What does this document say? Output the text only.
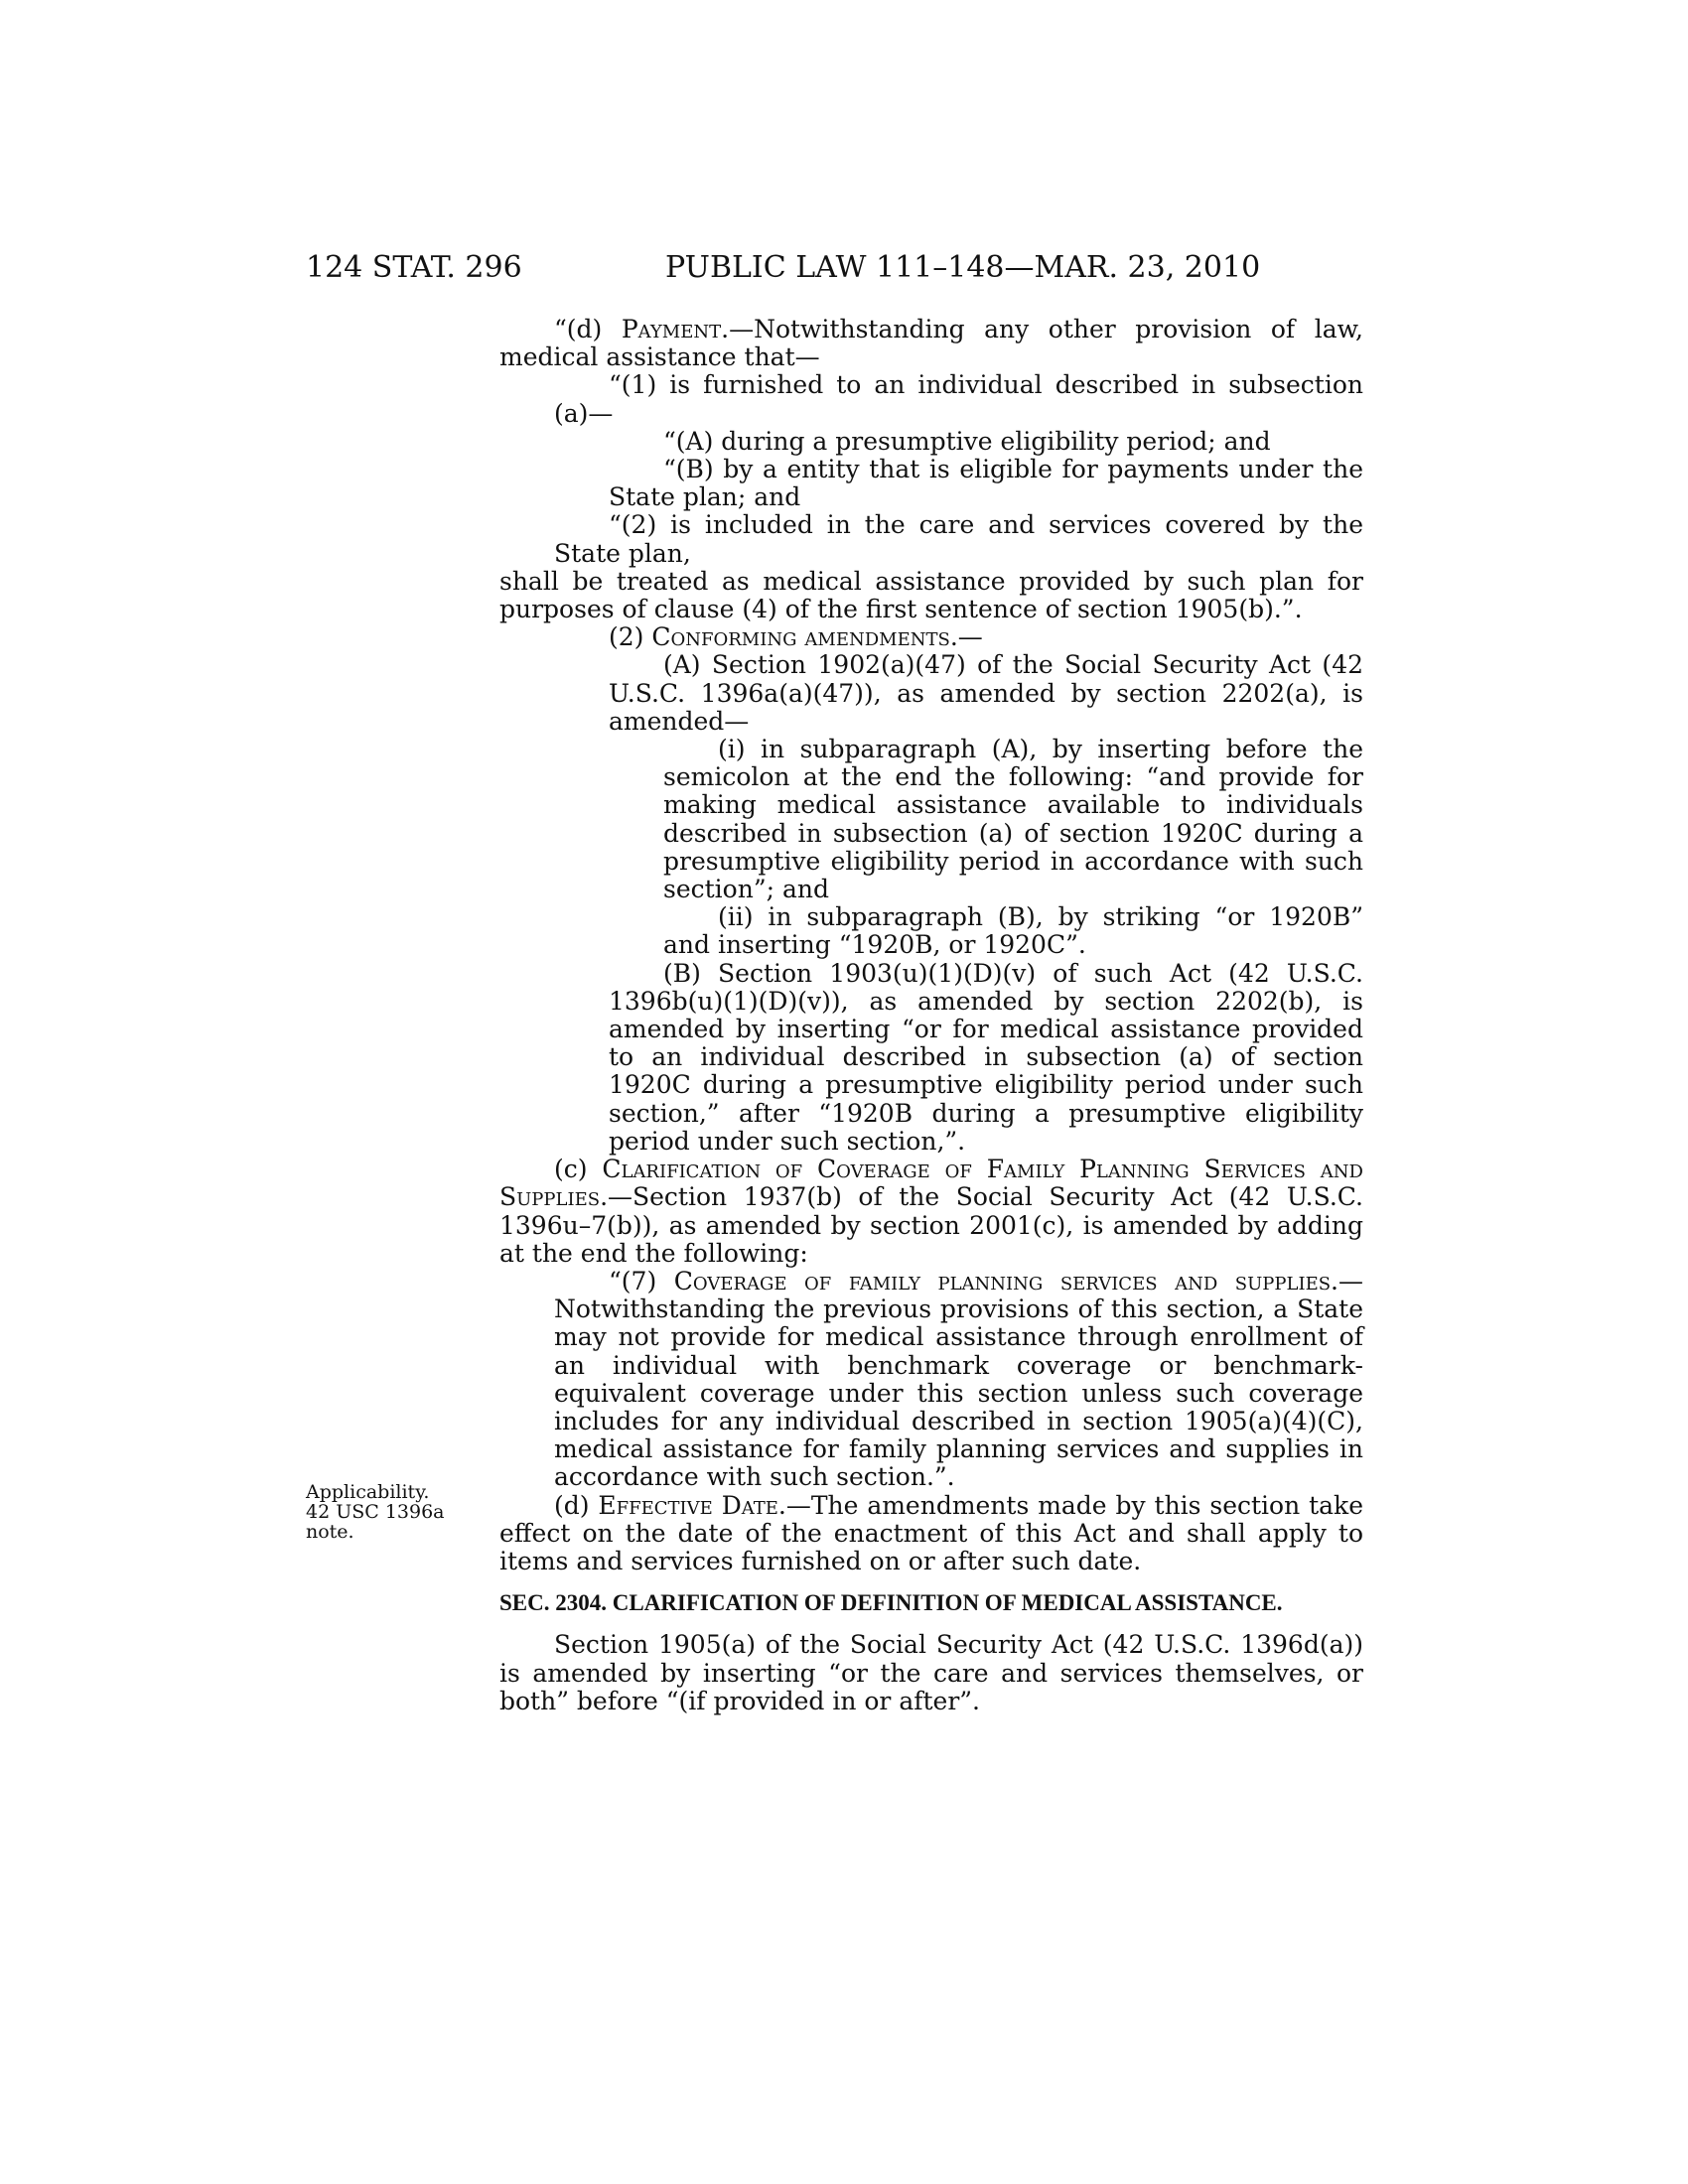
124 STAT. 296	PUBLIC LAW 111–148—MAR. 23, 2010
Applicability.
42 USC 1396a
note.

“(d) Payment.—Notwithstanding any other provision of law, medical assistance that—

“(1) is furnished to an individual described in subsection (a)—

“(A) during a presumptive eligibility period; and

“(B) by a entity that is eligible for payments under the State plan; and

“(2) is included in the care and services covered by the State plan,

shall be treated as medical assistance provided by such plan for purposes of clause (4) of the first sentence of section 1905(b).”.

(2) Conforming amendments.—

(A) Section 1902(a)(47) of the Social Security Act (42 U.S.C. 1396a(a)(47)), as amended by section 2202(a), is amended—

(i) in subparagraph (A), by inserting before the semicolon at the end the following: “and provide for making medical assistance available to individuals described in subsection (a) of section 1920C during a presumptive eligibility period in accordance with such section”; and

(ii) in subparagraph (B), by striking “or 1920B” and inserting “1920B, or 1920C”.

(B) Section 1903(u)(1)(D)(v) of such Act (42 U.S.C. 1396b(u)(1)(D)(v)), as amended by section 2202(b), is amended by inserting “or for medical assistance provided to an individual described in subsection (a) of section 1920C during a presumptive eligibility period under such section,” after “1920B during a presumptive eligibility period under such section,”.

(c) Clarification of Coverage of Family Planning Services and Supplies.—Section 1937(b) of the Social Security Act (42 U.S.C. 1396u–7(b)), as amended by section 2001(c), is amended by adding at the end the following:

“(7) Coverage of family planning services and supplies.—Notwithstanding the previous provisions of this section, a State may not provide for medical assistance through enrollment of an individual with benchmark coverage or benchmark-equivalent coverage under this section unless such coverage includes for any individual described in section 1905(a)(4)(C), medical assistance for family planning services and supplies in accordance with such section.”.

(d) Effective Date.—The amendments made by this section take effect on the date of the enactment of this Act and shall apply to items and services furnished on or after such date.

SEC. 2304. CLARIFICATION OF DEFINITION OF MEDICAL ASSISTANCE.

Section 1905(a) of the Social Security Act (42 U.S.C. 1396d(a)) is amended by inserting “or the care and services themselves, or both” before “(if provided in or after”.
